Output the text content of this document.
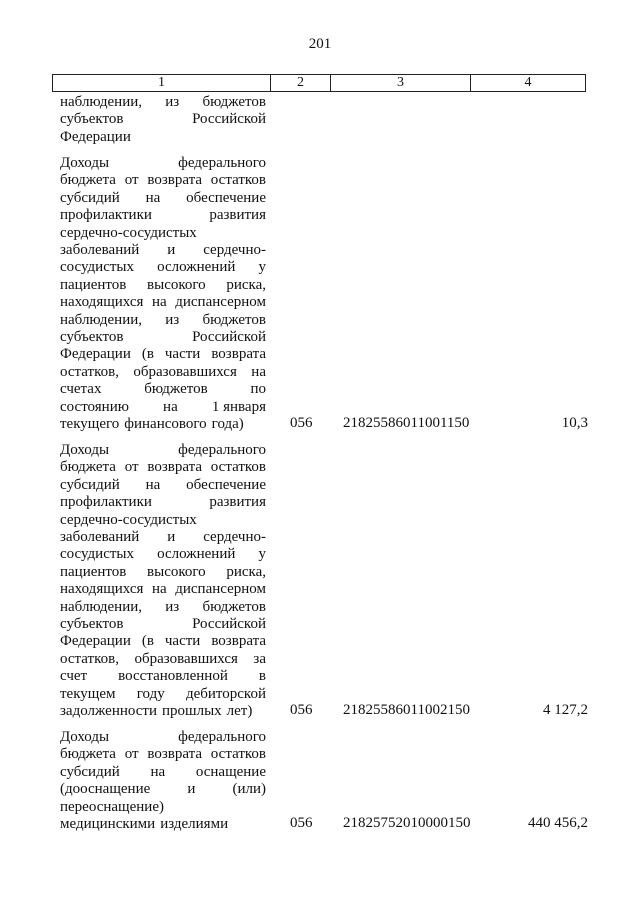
201
1	2	3	4
наблюдении, из бюджетов
субъектов	Российской
Федерации
Доходы	федерального
бюджета от возврата остатков
субсидий на обеспечение
профилактики	развития
сердечно-сосудистых
заболеваний и сердечно-
сосудистых осложнений у
пациентов высокого риска,
находящихся на диспансерном
наблюдении, из бюджетов
субъектов	Российской
Федерации (в части возврата
остатков, образовавшихся на
счетах	бюджетов	по
состоянию на 1 января
текущего финансового года)	056 21825586011001150	10,3
Доходы	федерального
бюджета от возврата остатков
субсидий на обеспечение
профилактики	развития
сердечно-сосудистых
заболеваний и сердечно-
сосудистых осложнений у
пациентов высокого риска,
находящихся на диспансерном
наблюдении, из бюджетов
субъектов	Российской
Федерации (в части возврата
остатков, образовавшихся за
счет восстановленной в
текущем году дебиторской
задолженности прошлых лет)	056 21825586011002150	4 127,2
Доходы	федерального
бюджета от возврата остатков
субсидий на оснащение
(дооснащение и (или)
переоснащение)
медицинскими изделиями	056 21825752010000150	440 456,2
